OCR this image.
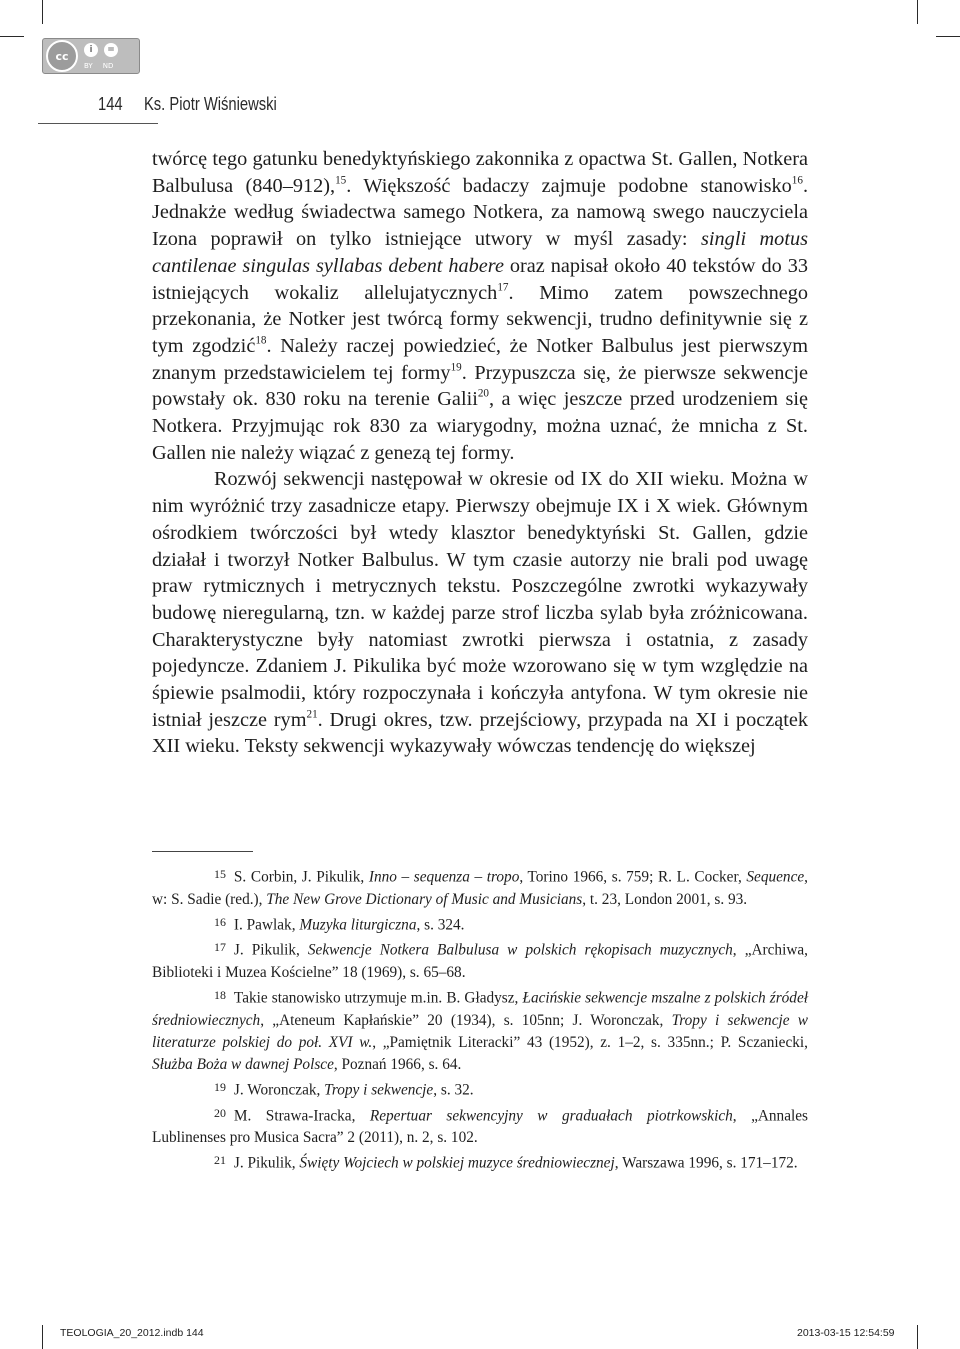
cc	i	=
BY ND
144 Ks. Piotr Wiśniewski

twórcę tego gatunku benedyktyńskiego zakonnika z opactwa St. Gallen, Notkera Balbulusa (840–912),$^{15}$. Większość badaczy zajmuje podobne stanowisko$^{16}$. Jednakże według świadectwa samego Notkera, za namową swego nauczyciela Izona poprawił on tylko istniejące utwory w myśl zasady: singli motus cantilenae singulas syllabas debent habere oraz napisał około 40 tekstów do 33 istniejących wokaliz allelujatycznych$^{17}$. Mimo zatem powszechnego przekonania, że Notker jest twórcą formy sekwencji, trudno definitywnie się z tym zgodzić$^{18}$. Należy raczej powiedzieć, że Notker Balbulus jest pierwszym znanym przedstawicielem tej formy$^{19}$. Przypuszcza się, że pierwsze sekwencje powstały ok. 830 roku na terenie Galii$^{20}$, a więc jeszcze przed urodzeniem się Notkera. Przyjmując rok 830 za wiarygodny, można uznać, że mnicha z St. Gallen nie należy wiązać z genezą tej formy.

Rozwój sekwencji następował w okresie od IX do XII wieku. Można w nim wyróżnić trzy zasadnicze etapy. Pierwszy obejmuje IX i X wiek. Głównym ośrodkiem twórczości był wtedy klasztor benedyktyński St. Gallen, gdzie działał i tworzył Notker Balbulus. W tym czasie autorzy nie brali pod uwagę praw rytmicznych i metrycznych tekstu. Poszczególne zwrotki wykazywały budowę nieregularną, tzn. w każdej parze strof liczba sylab była zróżnicowana. Charakterystyczne były natomiast zwrotki pierwsza i ostatnia, z zasady pojedyncze. Zdaniem J. Pikulika być może wzorowano się w tym względzie na śpiewie psalmodii, który rozpoczynała i kończyła antyfona. W tym okresie nie istniał jeszcze rym$^{21}$. Drugi okres, tzw. przejściowy, przypada na XI i początek XII wieku. Teksty sekwencji wykazywały wówczas tendencję do większej

15 S. Corbin, J. Pikulik, Inno – sequenza – tropo, Torino 1966, s. 759; R. L. Cocker, Sequence, w: S. Sadie (red.), The New Grove Dictionary of Music and Musicians, t. 23, London 2001, s. 93.

16 I. Pawlak, Muzyka liturgiczna, s. 324.

17 J. Pikulik, Sekwencje Notkera Balbulusa w polskich rękopisach muzycznych, „Archiwa, Biblioteki i Muzea Kościelne” 18 (1969), s. 65–68.

18 Takie stanowisko utrzymuje m.in. B. Gładysz, Łacińskie sekwencje mszalne z polskich źródeł średniowiecznych, „Ateneum Kapłańskie” 20 (1934), s. 105nn; J. Woronczak, Tropy i sekwencje w literaturze polskiej do poł. XVI w., „Pamiętnik Literacki” 43 (1952), z. 1–2, s. 335nn.; P. Sczaniecki, Służba Boża w dawnej Polsce, Poznań 1966, s. 64.

19 J. Woronczak, Tropy i sekwencje, s. 32.

20 M. Strawa-Iracka, Repertuar sekwencyjny w graduałach piotrkowskich, „Annales Lublinenses pro Musica Sacra” 2 (2011), n. 2, s. 102.

21 J. Pikulik, Święty Wojciech w polskiej muzyce średniowiecznej, Warszawa 1996, s. 171–172.

TEOLOGIA_20_2012.indb 144	2013-03-15 12:54:59
